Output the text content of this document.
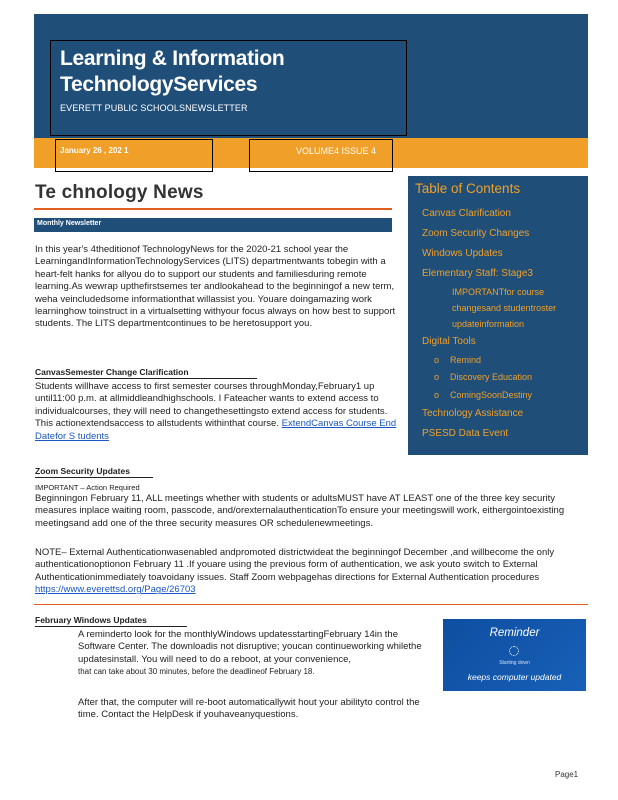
Learning & Information
TechnologyServices
EVERETT PUBLIC SCHOOLSNEWSLETTER
January 26 , 202 1	VOLUME4 ISSUE 4
Te chnology News
Monthly Newsletter
In this year's 4theditionof TechnologyNews for the 2020-21 school year the LearningandInformationTechnologyServices (LITS) departmentwants tobegin with a heart-felt hanks for allyou do to support our students and familiesduring remote learning.As wewrap upthefirstsemes ter andlookahead to the beginningof a new term, weha veincludedsome informationthat willassist you. Youare doingamazing work learninghow toinstruct in a virtualsetting withyour focus always on how best to support students. The LITS departmentcontinues to be heretosupport you.
CanvasSemester Change Clarification
Students willhave access to first semester courses throughMonday,February1 up until11:00 p.m. at allmiddleandhighschools. I Fateacher wants to extend access to individualcourses, they will need to changethesettingsto extend access for students. This actionextendsaccess to allstudents withinthat course. ExtendCanvas Course End Datefor S tudents
Zoom Security Updates
IMPORTANT – Action Required
Beginningon February 11, ALL meetings whether with students or adultsMUST have AT LEAST one of the three key security measures inplace waiting room, passcode, and/orexternalauthenticationTo ensure your meetingswill work, eithergointoexisting meetingsand add one of the three security measures OR schedulenewmeetings.
NOTE– External Authenticationwasenabled andpromoted districtwideat the beginningof December ,and willbecome the only authenticationoptionon February 11 .If youare using the previous form of authentication, we ask youto switch to External Authenticationimmediately toavoidany issues. Staff Zoom webpagehas directions for External Authentication procedures https://www.everettsd.org/Page/26703
February Windows Updates
A reminderto look for the monthlyWindows updatesstartingFebruary 14in the Software Center. The downloadis not disruptive; youcan continueworking whilethe updatesinstall. You will need to do a reboot, at your convenience,
that can take about 30 minutes, before the deadlineof February 18.
After that, the computer will re-boot automaticallywit hout your abilityto control the time. Contact the HelpDesk if youhaveanyquestions.
Reminder
Starting down
keeps computer updated
Table of Contents
Canvas Clarification
Zoom Security Changes
Windows Updates
Elementary Staff: Stage3
IMPORTANTfor course changesand studentroster updateinformation
Digital Tools
o Remind
o Discovery Education
o ComingSoonDestiny
Technology Assistance
PSESD Data Event
Page1
